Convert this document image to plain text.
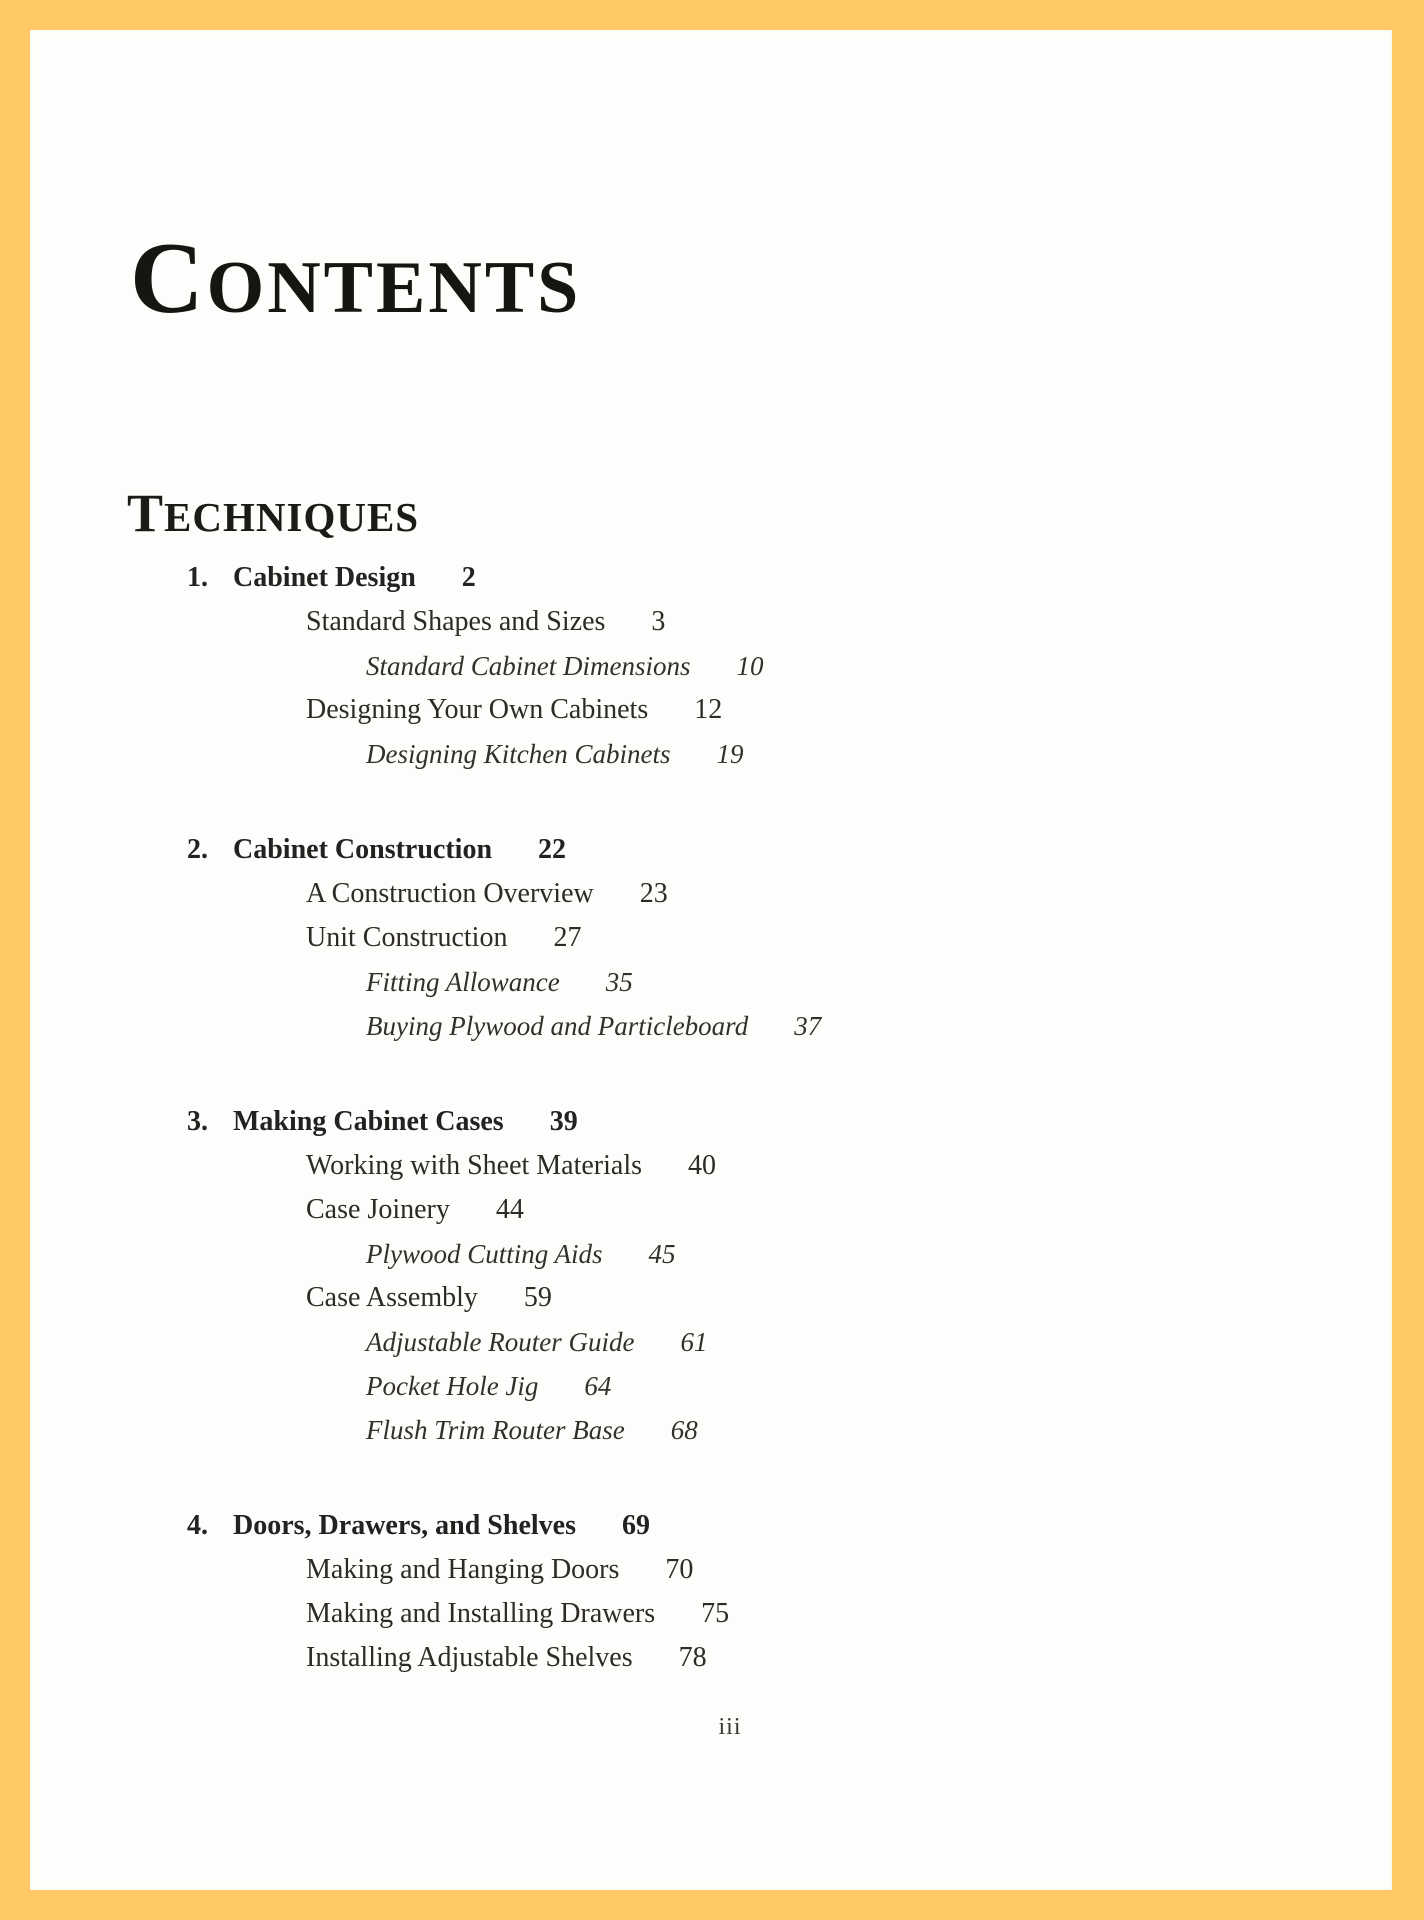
CONTENTS
TECHNIQUES
1. Cabinet Design 2
Standard Shapes and Sizes 3
Standard Cabinet Dimensions 10
Designing Your Own Cabinets 12
Designing Kitchen Cabinets 19
2. Cabinet Construction 22
A Construction Overview 23
Unit Construction 27
Fitting Allowance 35
Buying Plywood and Particleboard 37
3. Making Cabinet Cases 39
Working with Sheet Materials 40
Case Joinery 44
Plywood Cutting Aids 45
Case Assembly 59
Adjustable Router Guide 61
Pocket Hole Jig 64
Flush Trim Router Base 68
4. Doors, Drawers, and Shelves 69
Making and Hanging Doors 70
Making and Installing Drawers 75
Installing Adjustable Shelves 78
iii
